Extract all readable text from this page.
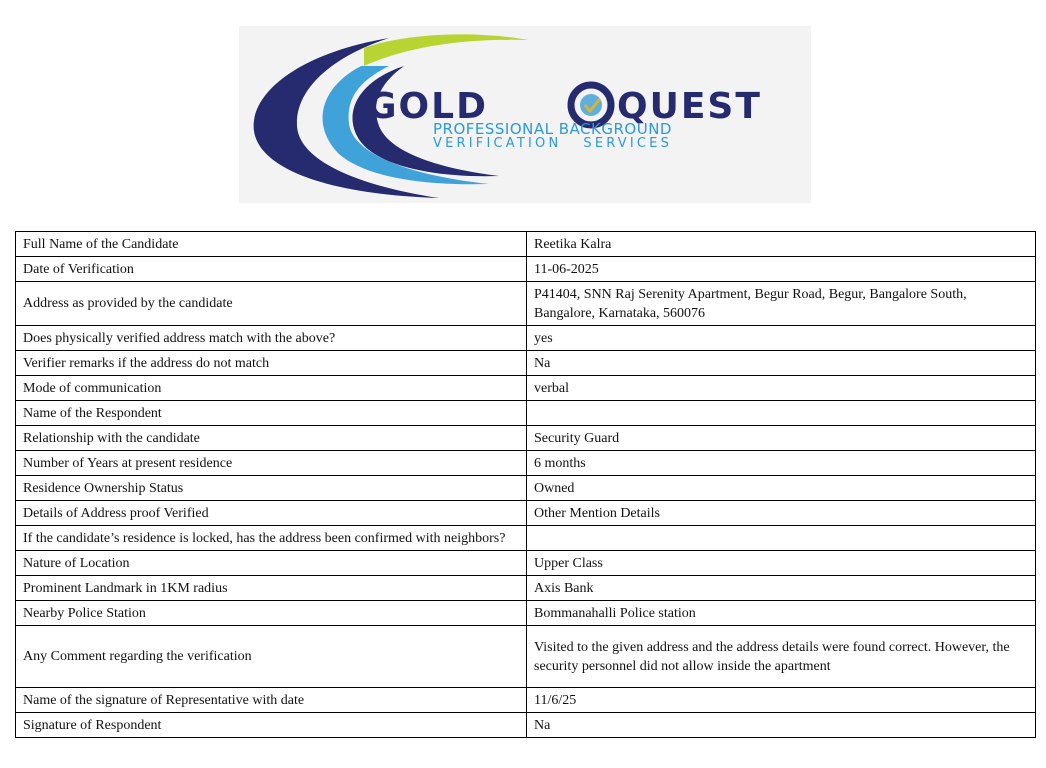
GOLD	QUEST
PROFESSIONAL BACKGROUND
VERIFICATION   SERVICES
Full Name of the Candidate	Reetika Kalra
Date of Verification	11-06-2025
Address as provided by the candidate	P41404, SNN Raj Serenity Apartment, Begur Road, Begur, Bangalore South, Bangalore, Karnataka, 560076
Does physically verified address match with the above?	yes
Verifier remarks if the address do not match	Na
Mode of communication	verbal
Name of the Respondent	
Relationship with the candidate	Security Guard
Number of Years at present residence	6 months
Residence Ownership Status	Owned
Details of Address proof Verified	Other Mention Details
If the candidate’s residence is locked, has the address been confirmed with neighbors?	
Nature of Location	Upper Class
Prominent Landmark in 1KM radius	Axis Bank
Nearby Police Station	Bommanahalli Police station
Any Comment regarding the verification	Visited to the given address and the address details were found correct. However, the security personnel did not allow inside the apartment
Name of the signature of Representative with date	11/6/25
Signature of Respondent	Na
